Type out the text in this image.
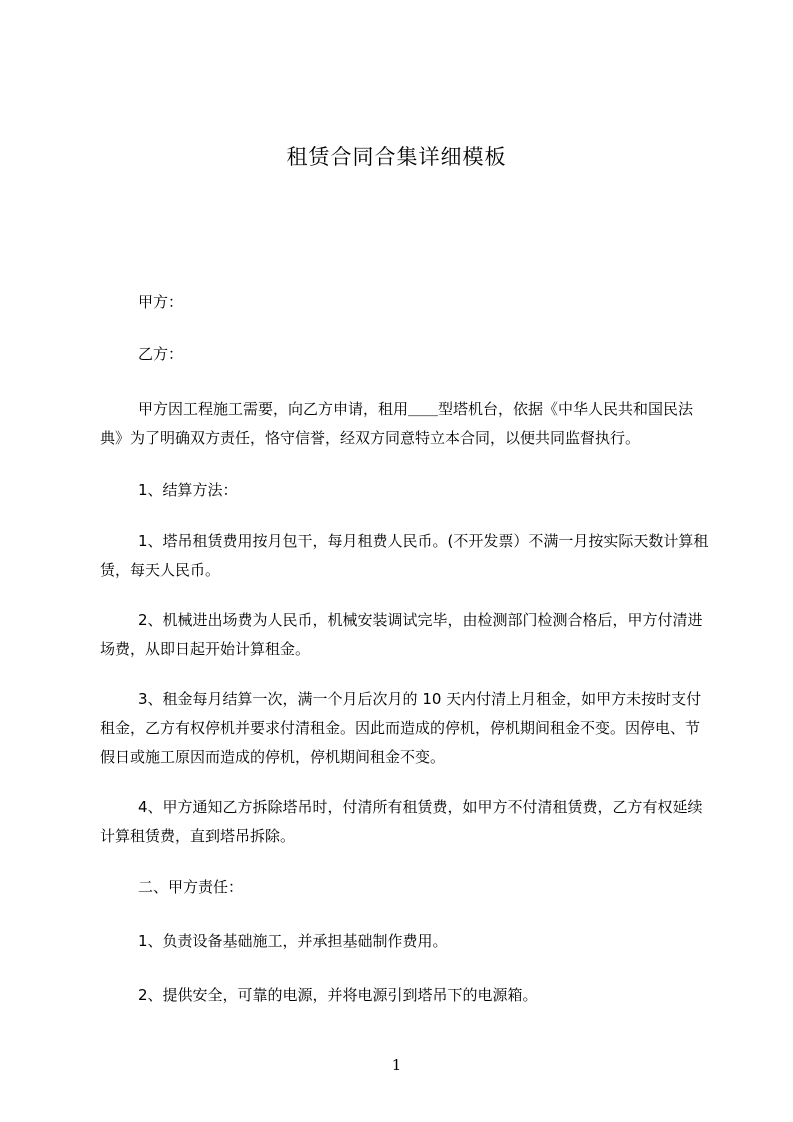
租赁合同合集详细模板

甲方：

乙方：

甲方因工程施工需要，向乙方申请，租用＿＿型塔机台，依据《中华人民共和国民法典》为了明确双方责任，恪守信誉，经双方同意特立本合同，以便共同监督执行。

1、结算方法：

1、塔吊租赁费用按月包干，每月租费人民币。(不开发票）不满一月按实际天数计算租赁，每天人民币。

2、机械进出场费为人民币，机械安装调试完毕，由检测部门检测合格后，甲方付清进场费，从即日起开始计算租金。

3、租金每月结算一次，满一个月后次月的 10 天内付清上月租金，如甲方未按时支付租金，乙方有权停机并要求付清租金。因此而造成的停机，停机期间租金不变。因停电、节假日或施工原因而造成的停机，停机期间租金不变。

4、甲方通知乙方拆除塔吊时，付清所有租赁费，如甲方不付清租赁费，乙方有权延续计算租赁费，直到塔吊拆除。

二、甲方责任：

1、负责设备基础施工，并承担基础制作费用。

2、提供安全，可靠的电源，并将电源引到塔吊下的电源箱。

1
